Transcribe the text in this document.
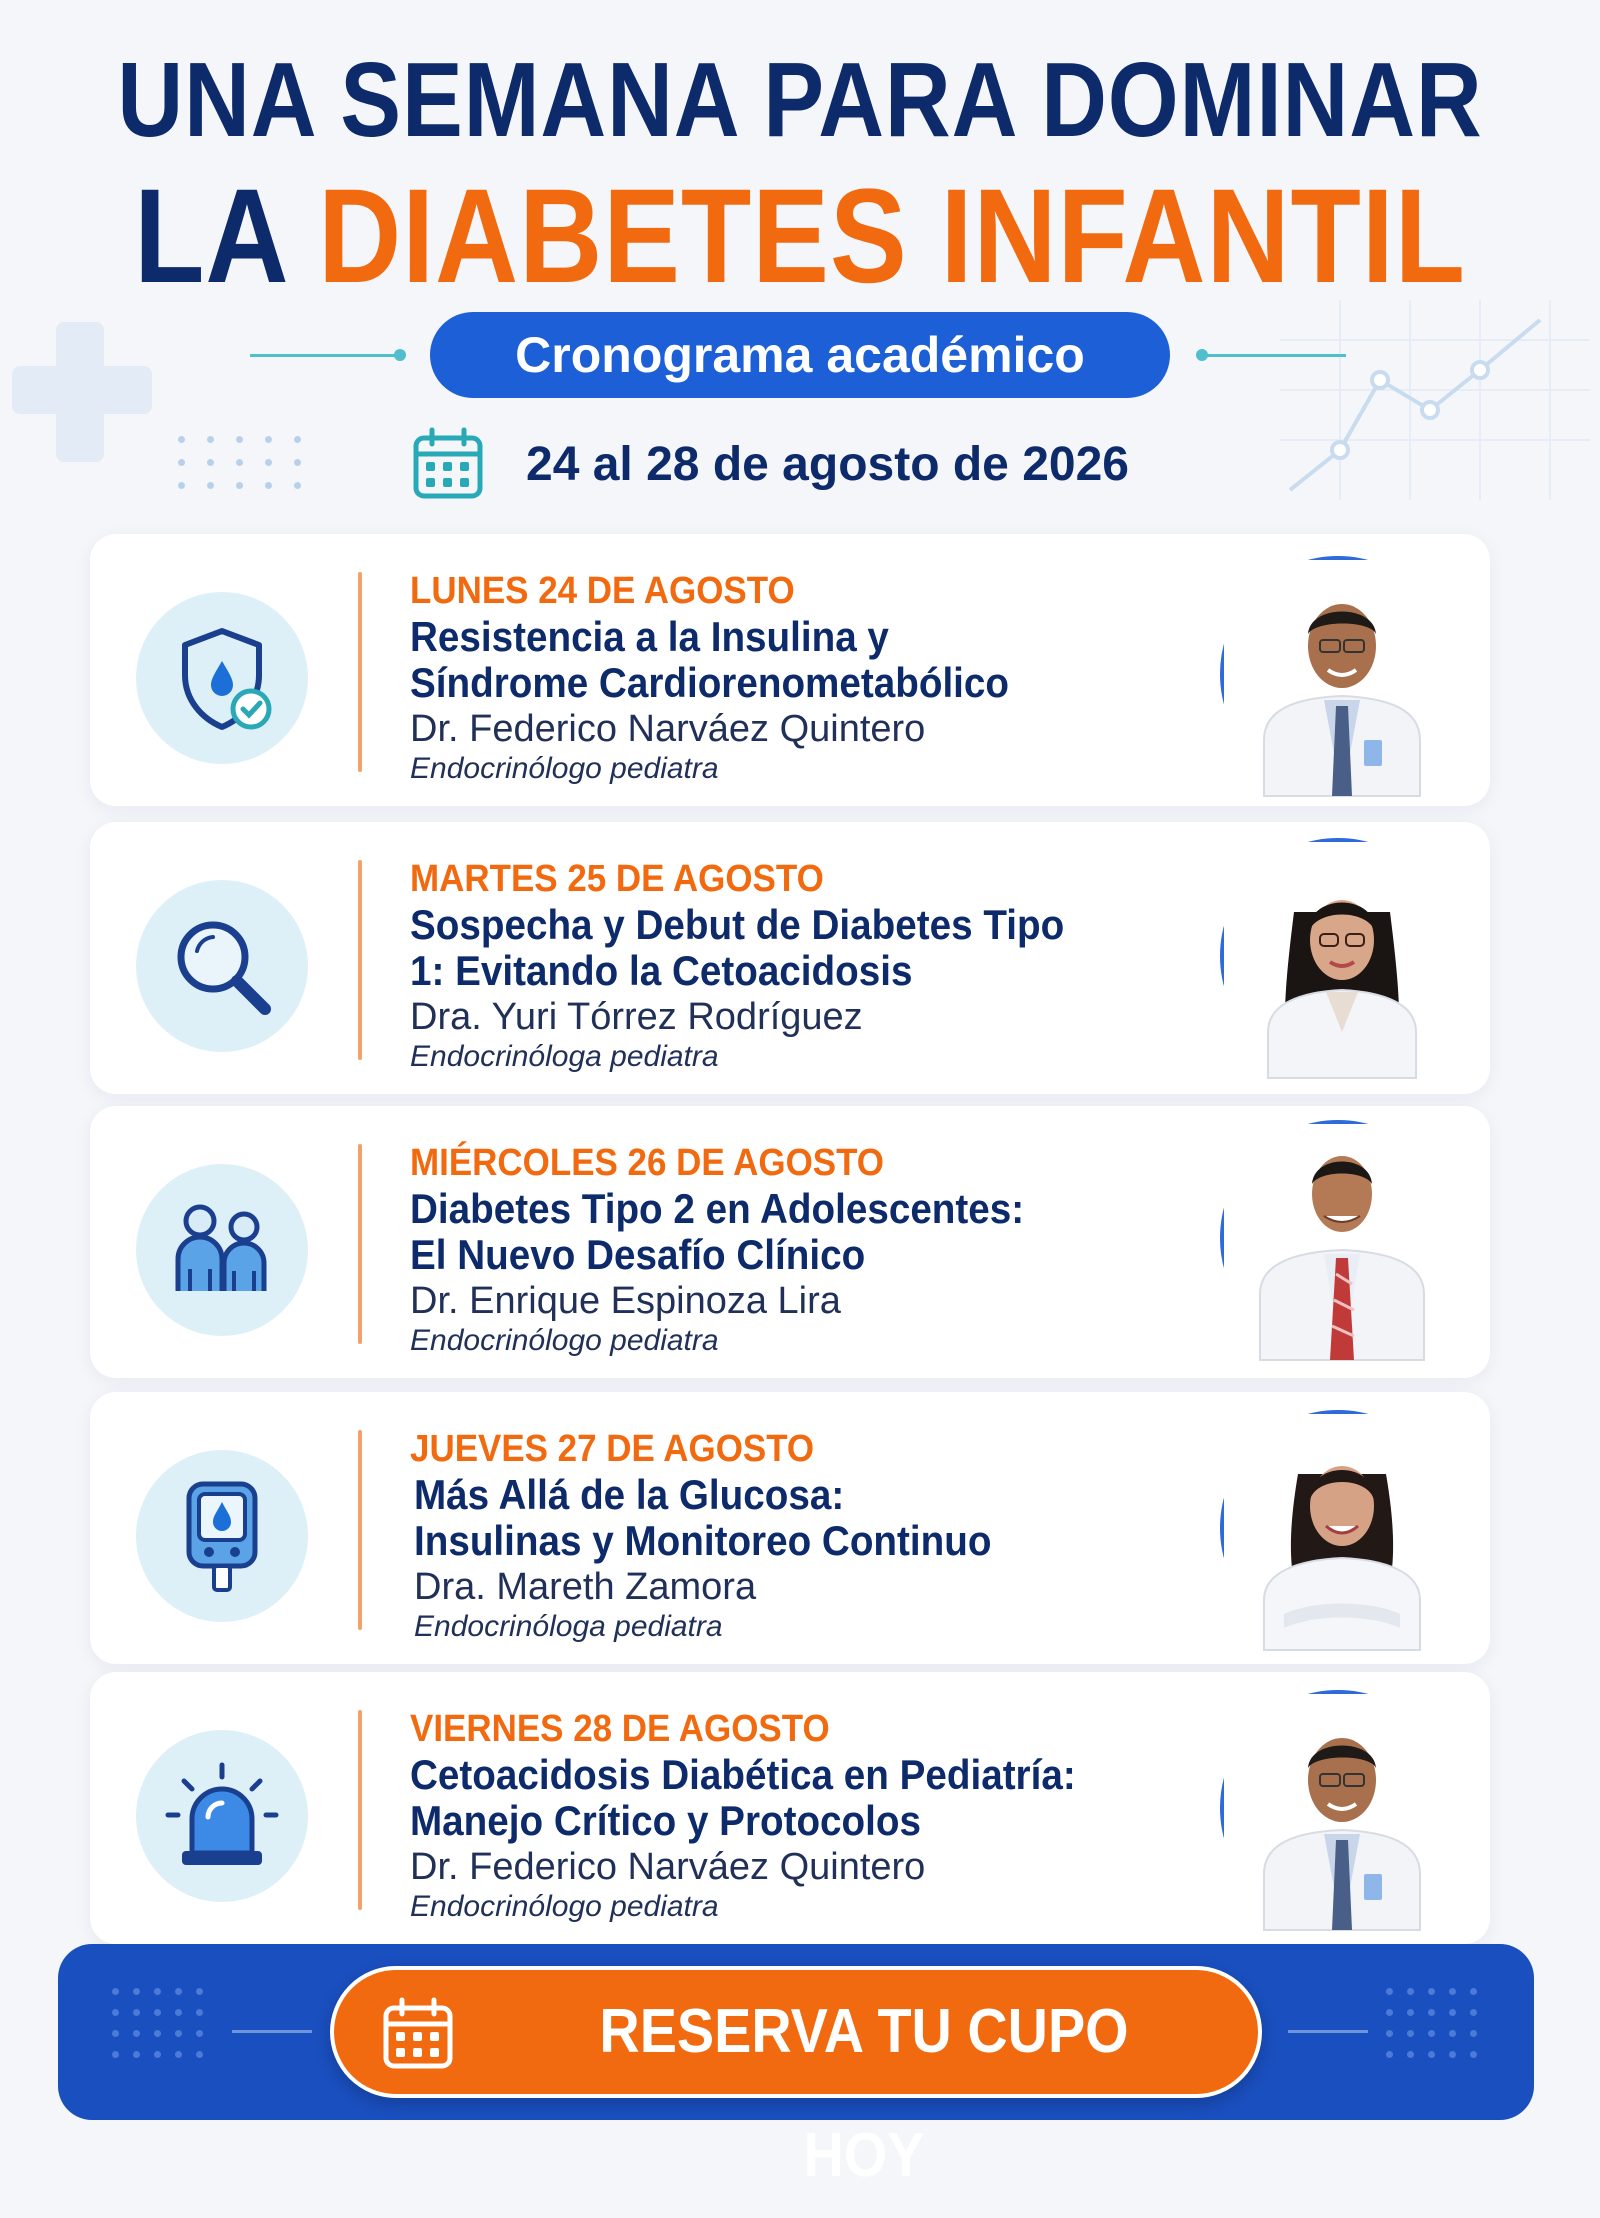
UNA SEMANA PARA DOMINAR
LA DIABETES INFANTIL
Cronograma académico
24 al 28 de agosto de 2026
LUNES 24 DE AGOSTO
Resistencia a la Insulina y
Síndrome Cardiorenometabólico
Dr. Federico Narváez Quintero
Endocrinólogo pediatra
MARTES 25 DE AGOSTO
Sospecha y Debut de Diabetes Tipo
1: Evitando la Cetoacidosis
Dra. Yuri Tórrez Rodríguez
Endocrinóloga pediatra
MIÉRCOLES 26 DE AGOSTO
Diabetes Tipo 2 en Adolescentes:
El Nuevo Desafío Clínico
Dr. Enrique Espinoza Lira
Endocrinólogo pediatra
JUEVES 27 DE AGOSTO
Más Allá de la Glucosa:
Insulinas y Monitoreo Continuo
Dra. Mareth Zamora
Endocrinóloga pediatra
VIERNES 28 DE AGOSTO
Cetoacidosis Diabética en Pediatría:
Manejo Crítico y Protocolos
Dr. Federico Narváez Quintero
Endocrinólogo pediatra
RESERVA TU CUPO HOY
